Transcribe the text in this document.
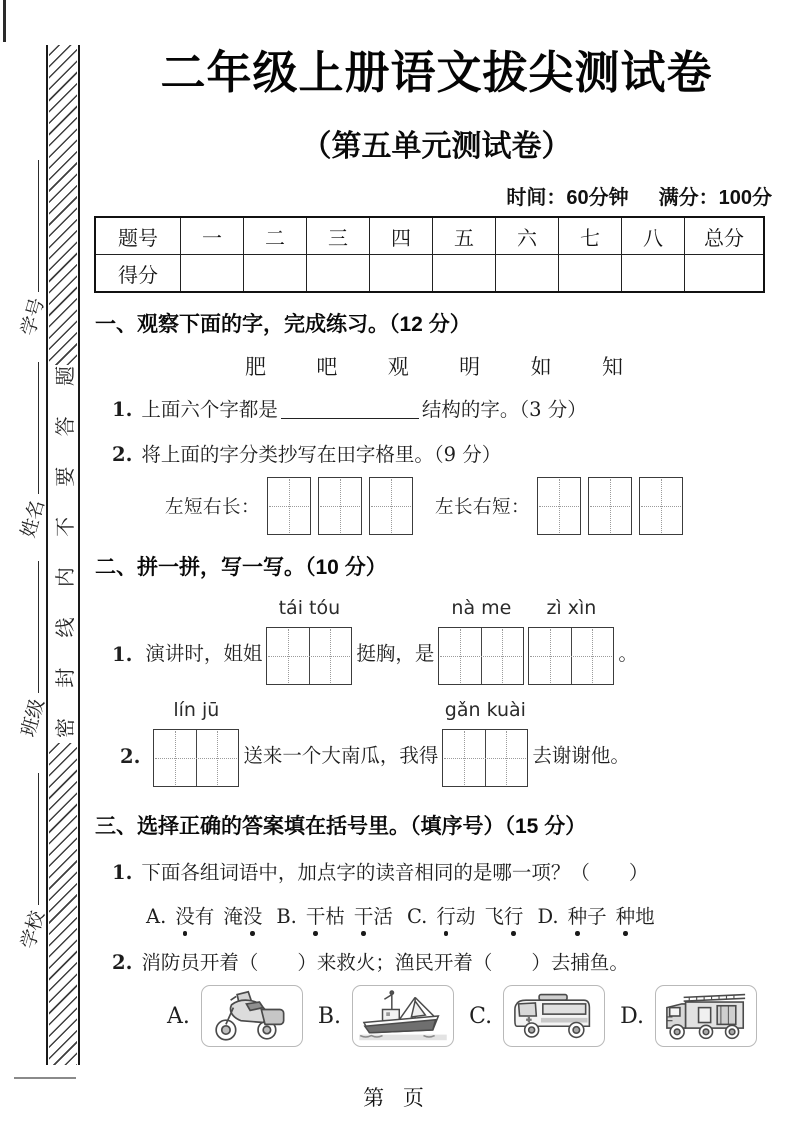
学号
姓名
班级
学校
密
封
线
内
不
要
答
题
二年级上册语文拔尖测试卷
（第五单元测试卷）
时间：60分钟 满分：100分
题号	一	二	三	四	五	六	七	八	总分
得分									
一、观察下面的字，完成练习。（12 分）
肥 吧 观 明 如 知
1. 上面六个字都是	结构的字。（3 分）
2. 将上面的字分类抄写在田字格里。（9 分）
左短右长：	左长右短：
二、拼一拼，写一写。（10 分）
1. 演讲时，姐姐
tái tóu
挺胸，是
nà me zì xìn
。
2.
lín jū
送来一个大南瓜，我得
gǎn kuài
去谢谢他。
三、选择正确的答案填在括号里。（填序号）（15 分）
1. 下面各组词语中，加点字的读音相同的是哪一项？（　　）
A. 没有 淹没 B. 干枯 干活 C. 行动 飞行 D. 种子 种地
2. 消防员开着（　　）来救火；渔民开着（　　）去捕鱼。
A.	B.	C.	D.
第 页
